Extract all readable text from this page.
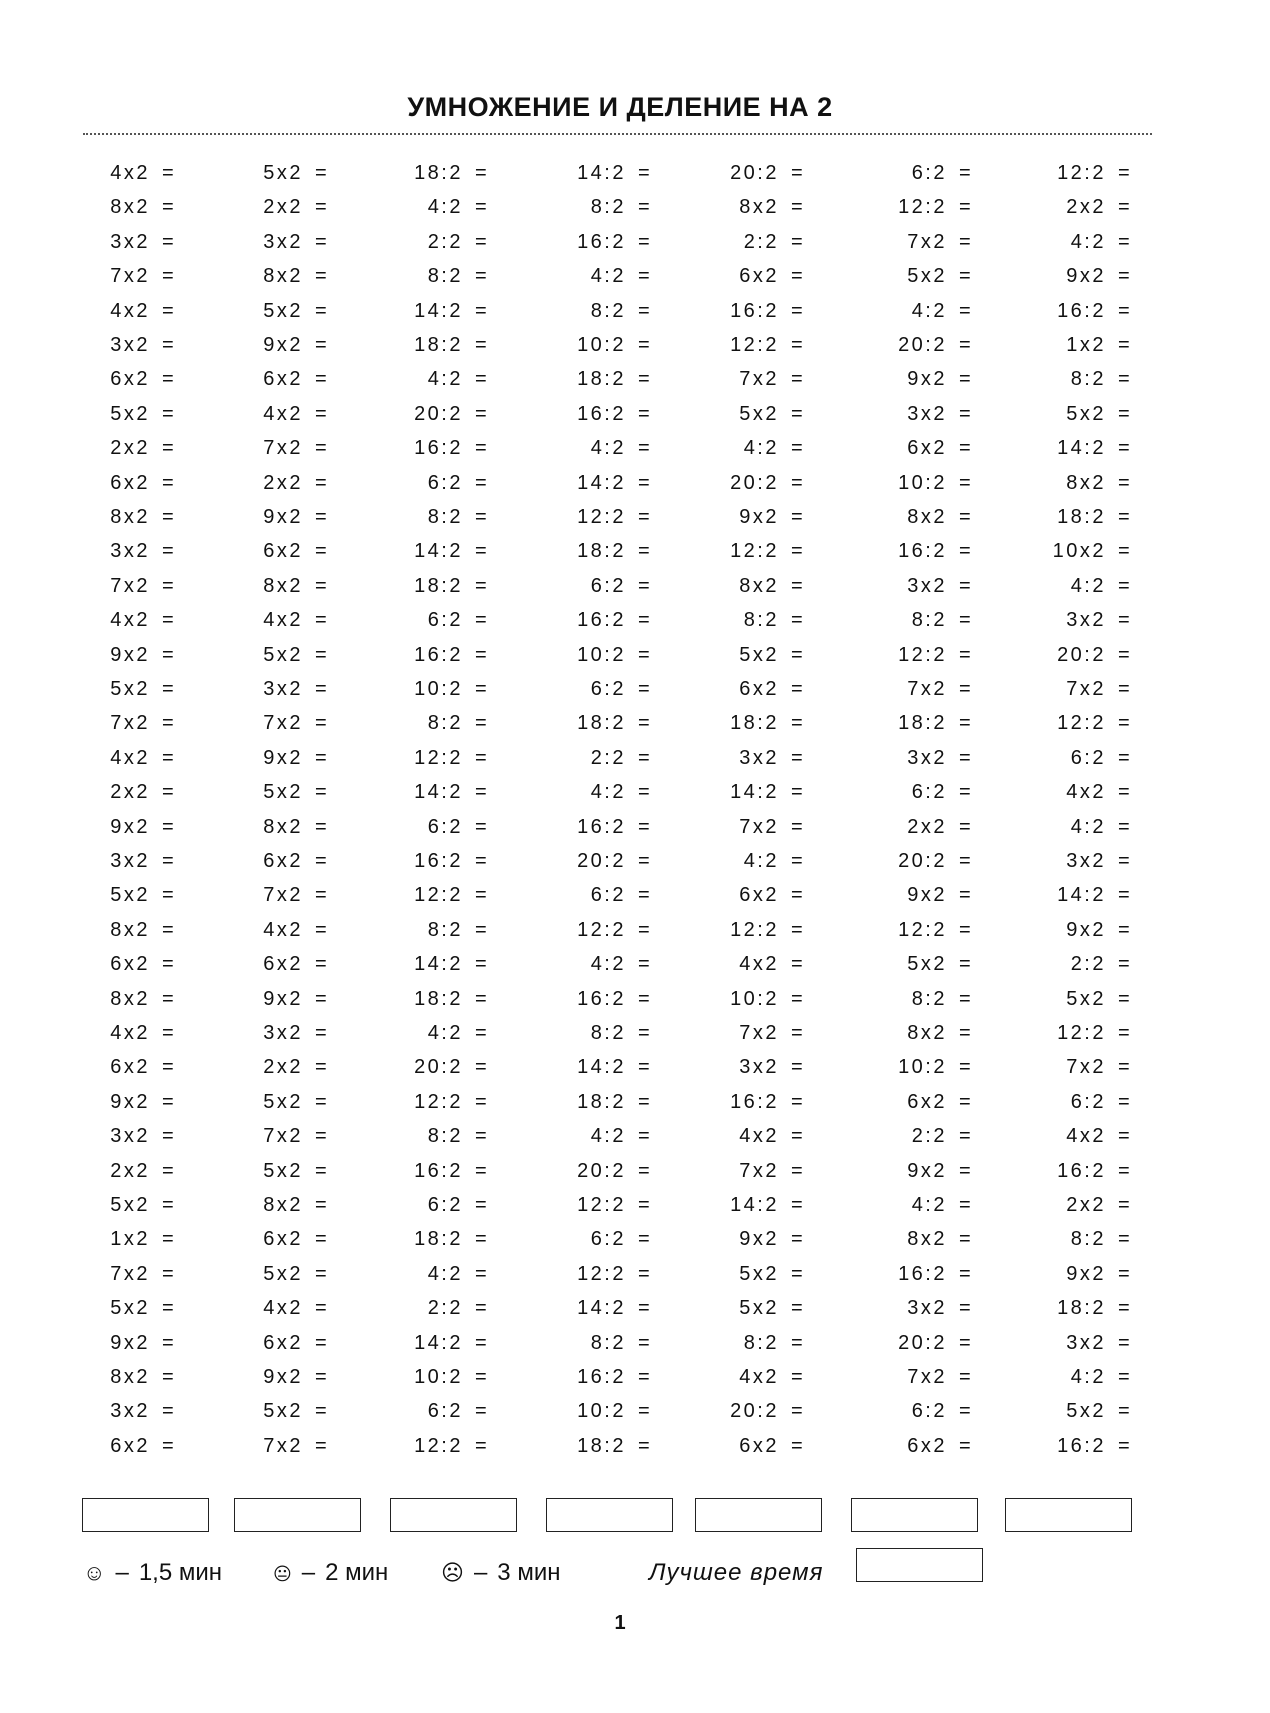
УМНОЖЕНИЕ И ДЕЛЕНИЕ НА 2
4x2 =
8x2 =
3x2 =
7x2 =
4x2 =
3x2 =
6x2 =
5x2 =
2x2 =
6x2 =
8x2 =
3x2 =
7x2 =
4x2 =
9x2 =
5x2 =
7x2 =
4x2 =
2x2 =
9x2 =
3x2 =
5x2 =
8x2 =
6x2 =
8x2 =
4x2 =
6x2 =
9x2 =
3x2 =
2x2 =
5x2 =
1x2 =
7x2 =
5x2 =
9x2 =
8x2 =
3x2 =
6x2 =
5x2 =
2x2 =
3x2 =
8x2 =
5x2 =
9x2 =
6x2 =
4x2 =
7x2 =
2x2 =
9x2 =
6x2 =
8x2 =
4x2 =
5x2 =
3x2 =
7x2 =
9x2 =
5x2 =
8x2 =
6x2 =
7x2 =
4x2 =
6x2 =
9x2 =
3x2 =
2x2 =
5x2 =
7x2 =
5x2 =
8x2 =
6x2 =
5x2 =
4x2 =
6x2 =
9x2 =
5x2 =
7x2 =
18:2 =
4:2 =
2:2 =
8:2 =
14:2 =
18:2 =
4:2 =
20:2 =
16:2 =
6:2 =
8:2 =
14:2 =
18:2 =
6:2 =
16:2 =
10:2 =
8:2 =
12:2 =
14:2 =
6:2 =
16:2 =
12:2 =
8:2 =
14:2 =
18:2 =
4:2 =
20:2 =
12:2 =
8:2 =
16:2 =
6:2 =
18:2 =
4:2 =
2:2 =
14:2 =
10:2 =
6:2 =
12:2 =
14:2 =
8:2 =
16:2 =
4:2 =
8:2 =
10:2 =
18:2 =
16:2 =
4:2 =
14:2 =
12:2 =
18:2 =
6:2 =
16:2 =
10:2 =
6:2 =
18:2 =
2:2 =
4:2 =
16:2 =
20:2 =
6:2 =
12:2 =
4:2 =
16:2 =
8:2 =
14:2 =
18:2 =
4:2 =
20:2 =
12:2 =
6:2 =
12:2 =
14:2 =
8:2 =
16:2 =
10:2 =
18:2 =
20:2 =
8x2 =
2:2 =
6x2 =
16:2 =
12:2 =
7x2 =
5x2 =
4:2 =
20:2 =
9x2 =
12:2 =
8x2 =
8:2 =
5x2 =
6x2 =
18:2 =
3x2 =
14:2 =
7x2 =
4:2 =
6x2 =
12:2 =
4x2 =
10:2 =
7x2 =
3x2 =
16:2 =
4x2 =
7x2 =
14:2 =
9x2 =
5x2 =
5x2 =
8:2 =
4x2 =
20:2 =
6x2 =
6:2 =
12:2 =
7x2 =
5x2 =
4:2 =
20:2 =
9x2 =
3x2 =
6x2 =
10:2 =
8x2 =
16:2 =
3x2 =
8:2 =
12:2 =
7x2 =
18:2 =
3x2 =
6:2 =
2x2 =
20:2 =
9x2 =
12:2 =
5x2 =
8:2 =
8x2 =
10:2 =
6x2 =
2:2 =
9x2 =
4:2 =
8x2 =
16:2 =
3x2 =
20:2 =
7x2 =
6:2 =
6x2 =
12:2 =
2x2 =
4:2 =
9x2 =
16:2 =
1x2 =
8:2 =
5x2 =
14:2 =
8x2 =
18:2 =
10x2 =
4:2 =
3x2 =
20:2 =
7x2 =
12:2 =
6:2 =
4x2 =
4:2 =
3x2 =
14:2 =
9x2 =
2:2 =
5x2 =
12:2 =
7x2 =
6:2 =
4x2 =
16:2 =
2x2 =
8:2 =
9x2 =
18:2 =
3x2 =
4:2 =
5x2 =
16:2 =
☺ – 1,5 мин	😐 – 2 мин ☹ – 3 мин	Лучшее время
1
